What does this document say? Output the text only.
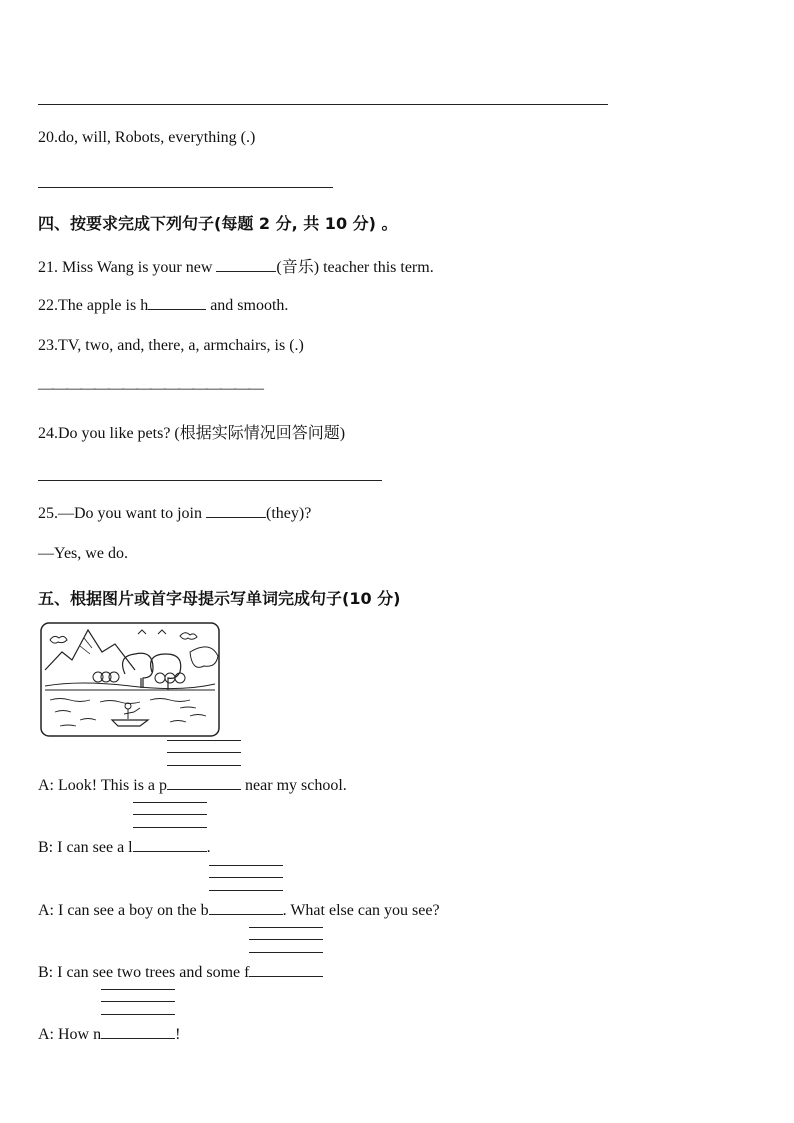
20.do, will, Robots, everything (.)
四、按要求完成下列句子(每题 2 分, 共 10 分) 。
21. Miss Wang is your new	(音乐) teacher this term.
22.The apple is h	and smooth.
23.TV, two, and, there, a, armchairs, is (.)
————————————————
24.Do you like pets? (根据实际情况回答问题)
25.—Do you want to join	(they)?
—Yes, we do.
五、根据图片或首字母提示写单词完成句子(10 分)
A: Look! This is a p	near my school.
B: I can see a l	.
A: I can see a boy on the b	. What else can you see?
B: I can see two trees and some f
A: How n	!
